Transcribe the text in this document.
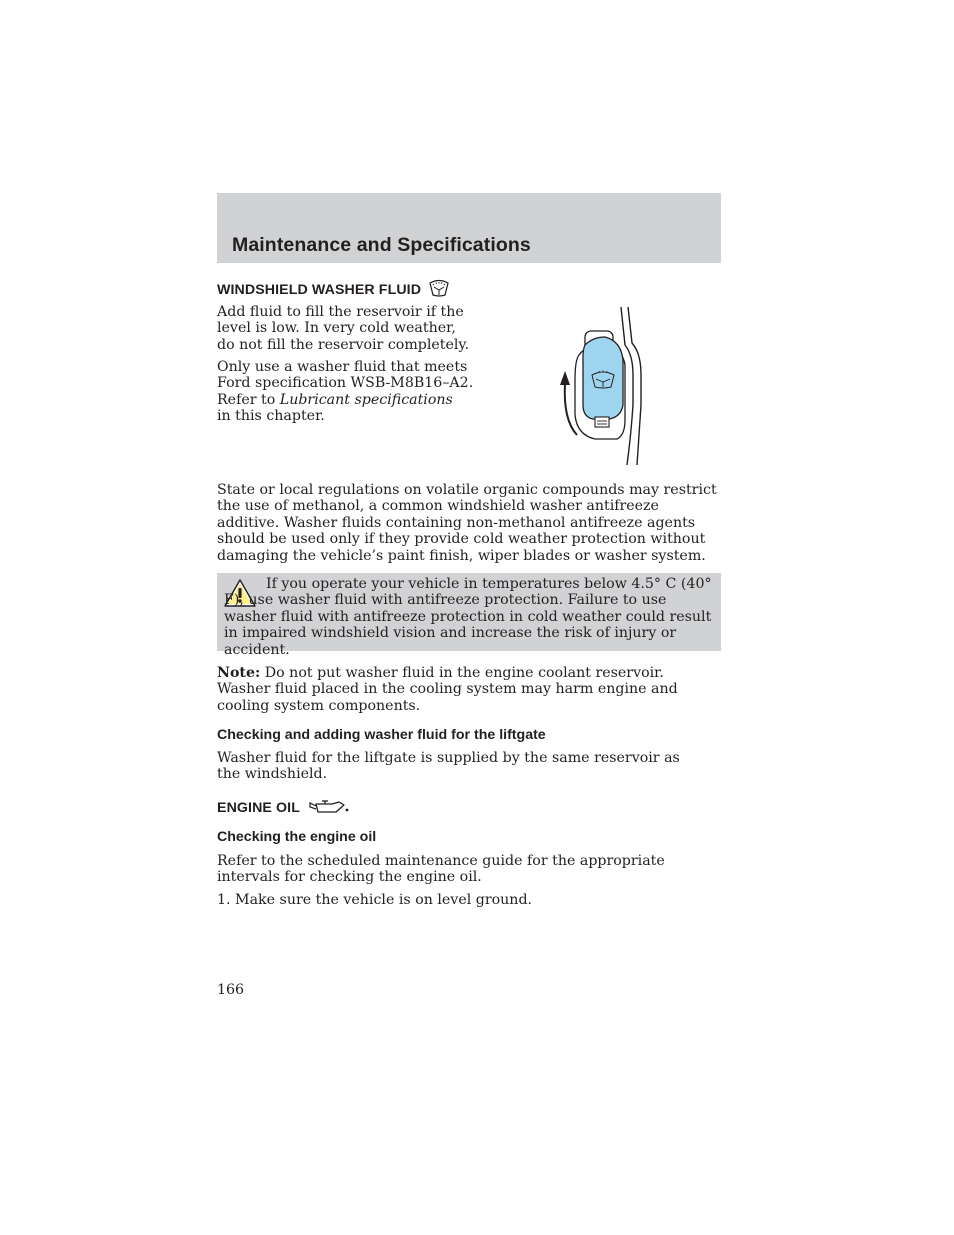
Maintenance and Specifications
WINDSHIELD WASHER FLUID

Add fluid to fill the reservoir if the level is low. In very cold weather, do not fill the reservoir completely.

Only use a washer fluid that meets
Ford specification WSB-M8B16–A2.
Refer to Lubricant specifications
in this chapter.

State or local regulations on volatile organic compounds may restrict the use of methanol, a common windshield washer antifreeze additive. Washer fluids containing non-methanol antifreeze agents should be used only if they provide cold weather protection without damaging the vehicle’s paint finish, wiper blades or washer system.

If you operate your vehicle in temperatures below 4.5° C (40° F), use washer fluid with antifreeze protection. Failure to use washer fluid with antifreeze protection in cold weather could result in impaired windshield vision and increase the risk of injury or accident.

Note: Do not put washer fluid in the engine coolant reservoir. Washer fluid placed in the cooling system may harm engine and cooling system components.

Checking and adding washer fluid for the liftgate

Washer fluid for the liftgate is supplied by the same reservoir as the windshield.

ENGINE OIL
Checking the engine oil

Refer to the scheduled maintenance guide for the appropriate intervals for checking the engine oil.

1. Make sure the vehicle is on level ground.

166
